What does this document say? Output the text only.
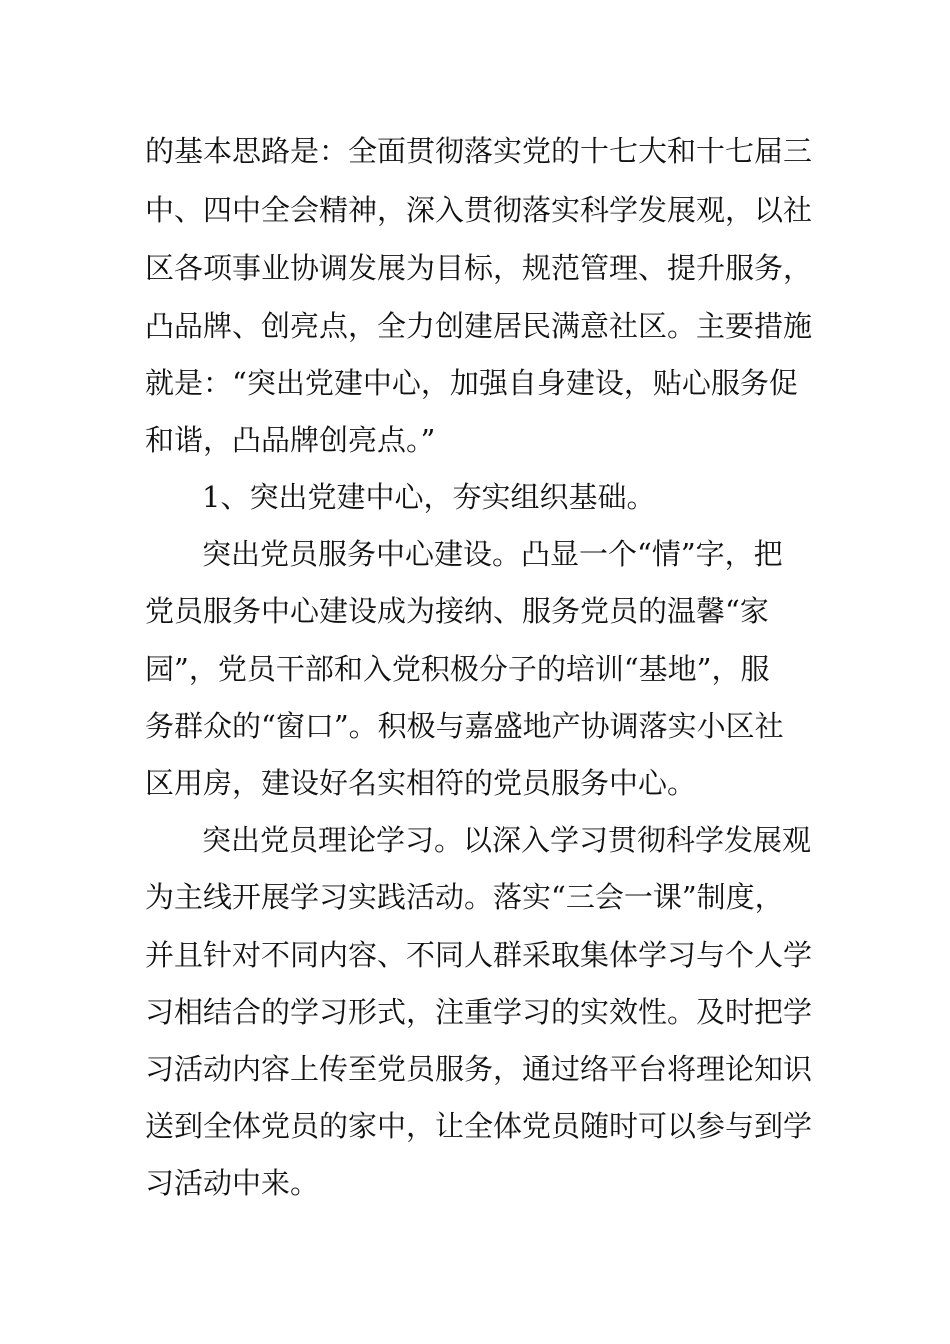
的基本思路是：全面贯彻落实党的十七大和十七届三
中、四中全会精神，深入贯彻落实科学发展观，以社
区各项事业协调发展为目标，规范管理、提升服务，
凸品牌、创亮点，全力创建居民满意社区。主要措施
就是：“突出党建中心，加强自身建设，贴心服务促
和谐，凸品牌创亮点。”
1、突出党建中心，夯实组织基础。
突出党员服务中心建设。凸显一个“情”字，把
党员服务中心建设成为接纳、服务党员的温馨“家
园”，党员干部和入党积极分子的培训“基地”，服
务群众的“窗口”。积极与嘉盛地产协调落实小区社
区用房，建设好名实相符的党员服务中心。
突出党员理论学习。以深入学习贯彻科学发展观
为主线开展学习实践活动。落实“三会一课”制度，
并且针对不同内容、不同人群采取集体学习与个人学
习相结合的学习形式，注重学习的实效性。及时把学
习活动内容上传至党员服务，通过络平台将理论知识
送到全体党员的家中，让全体党员随时可以参与到学
习活动中来。
